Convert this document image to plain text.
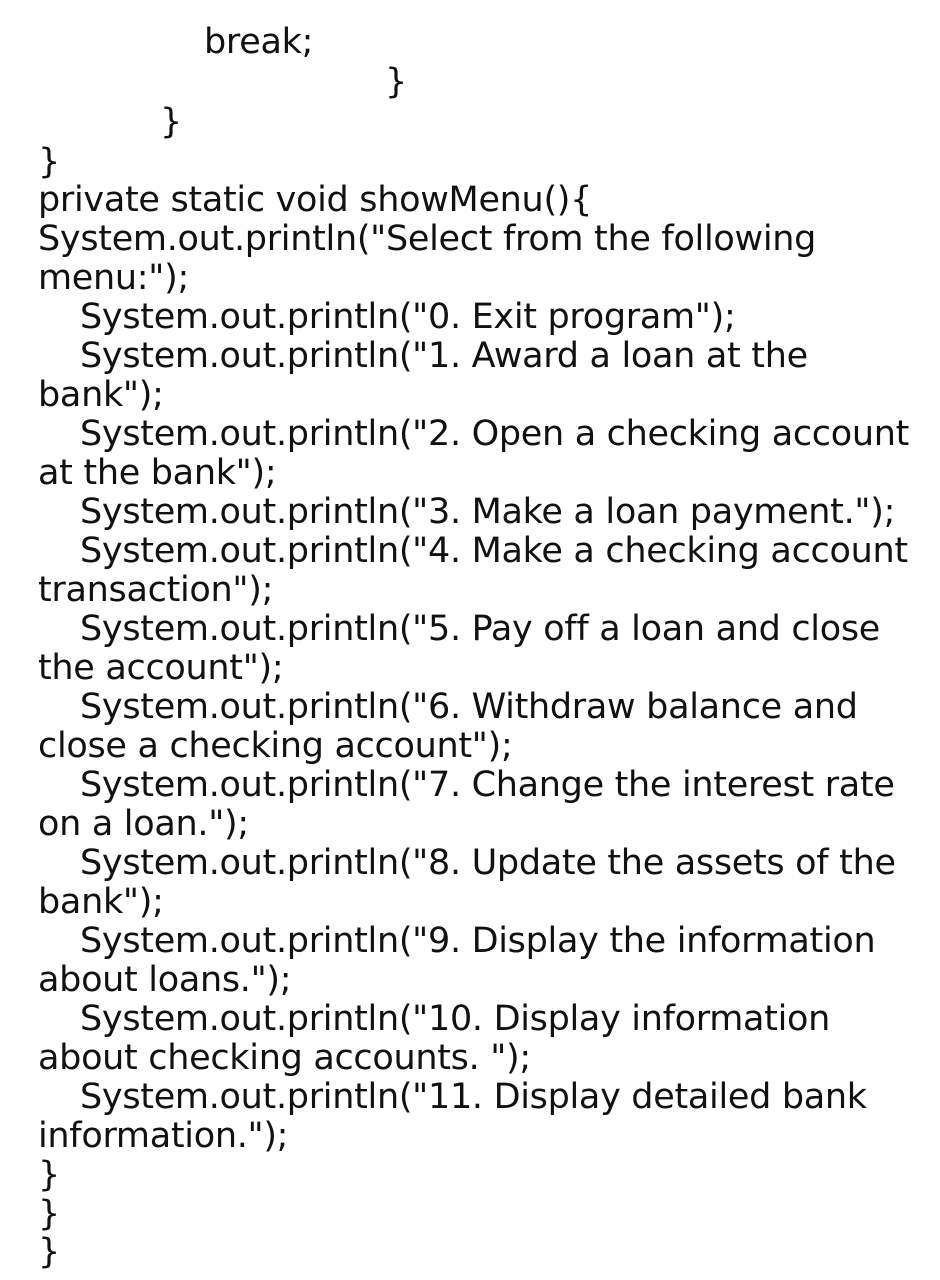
break;
}
}
}
private static void showMenu(){
System.out.println("Select from the following
menu:");
System.out.println("0. Exit program");
System.out.println("1. Award a loan at the
bank");
System.out.println("2. Open a checking account
at the bank");
System.out.println("3. Make a loan payment.");
System.out.println("4. Make a checking account
transaction");
System.out.println("5. Pay off a loan and close
the account");
System.out.println("6. Withdraw balance and
close a checking account");
System.out.println("7. Change the interest rate
on a loan.");
System.out.println("8. Update the assets of the
bank");
System.out.println("9. Display the information
about loans.");
System.out.println("10. Display information
about checking accounts. ");
System.out.println("11. Display detailed bank
information.");
}
}
}
